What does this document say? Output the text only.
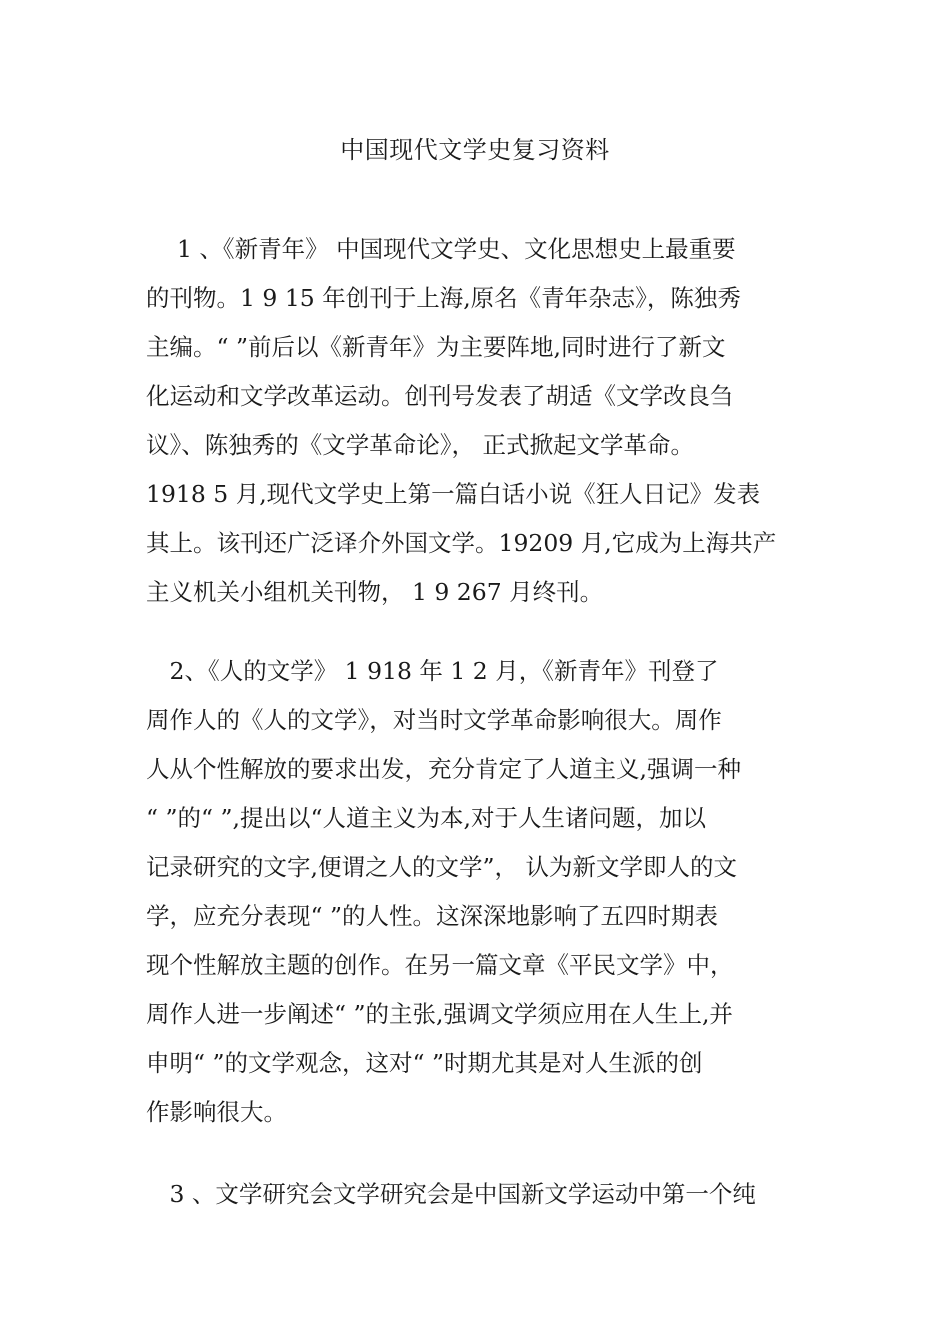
中国现代文学史复习资料
　 1 、《新青年》 中国现代文学史、文化思想史上最重要
的刊物。1 9 15 年创刊于上海,原名《青年杂志》，陈独秀
主编。“ ”前后以《新青年》为主要阵地,同时进行了新文
化运动和文学改革运动。创刊号发表了胡适《文学改良刍
议》、陈独秀的《文学革命论》， 正式掀起文学革命。
1918 5 月,现代文学史上第一篇白话小说《狂人日记》发表
其上。该刊还广泛译介外国文学。19209 月,它成为上海共产
主义机关小组机关刊物， 1 9 267 月终刊。
　2、《人的文学》 1 918 年 1 2 月，《新青年》刊登了
周作人的《人的文学》，对当时文学革命影响很大。周作
人从个性解放的要求出发，充分肯定了人道主义,强调一种
“ ”的“ ”,提出以“人道主义为本,对于人生诸问题，加以
记录研究的文字,便谓之人的文学”， 认为新文学即人的文
学，应充分表现“ ”的人性。这深深地影响了五四时期表
现个性解放主题的创作。在另一篇文章《平民文学》中，
周作人进一步阐述“ ”的主张,强调文学须应用在人生上,并
申明“ ”的文学观念，这对“ ”时期尤其是对人生派的创
作影响很大。
　3 、文学研究会文学研究会是中国新文学运动中第一个纯
